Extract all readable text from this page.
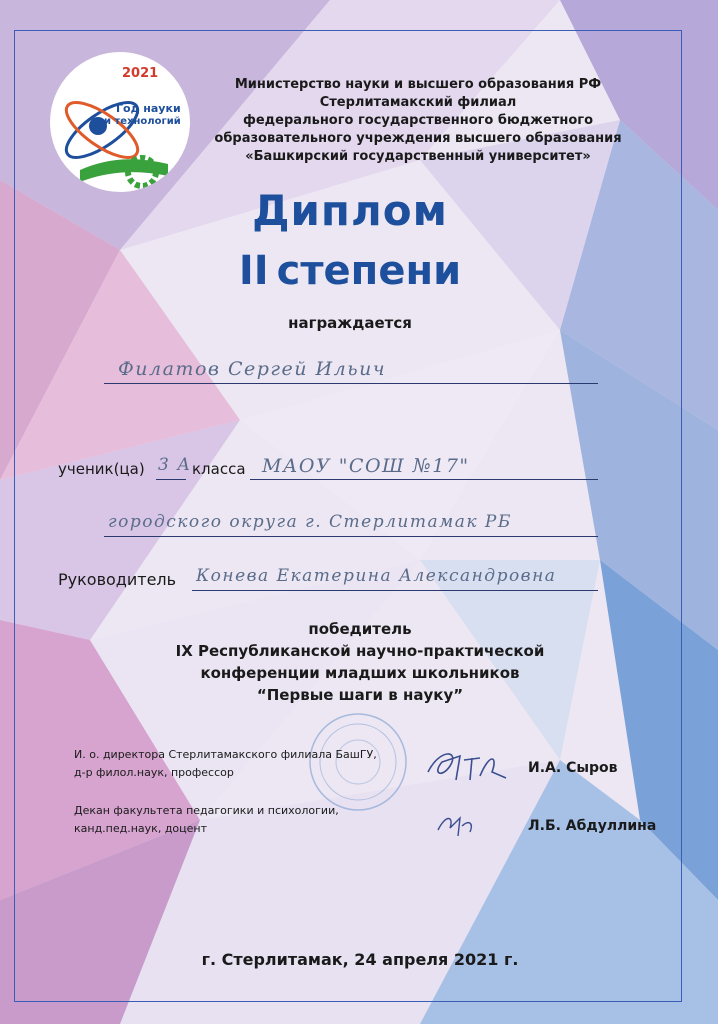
2021
Год науки
и технологий
Министерство науки и высшего образования РФ
Стерлитамакский филиал
федерального государственного бюджетного
образовательного учреждения высшего образования
«Башкирский государственный университет»
Диплом
II степени
награждается
Филатов Сергей Ильич
ученик(ца) 3 А класса МАОУ "СОШ №17"
городского округа г. Стерлитамак РБ
Руководитель Конева Екатерина Александровна
победитель
IX Республиканской научно-практической
конференции младших школьников
“Первые шаги в науку”
И. о. директора Стерлитамакского филиала БашГУ,
д-р филол.наук, профессор	И.А. Сыров
Декан факультета педагогики и психологии,
канд.пед.наук, доцент	Л.Б. Абдуллина
г. Стерлитамак, 24 апреля 2021 г.
